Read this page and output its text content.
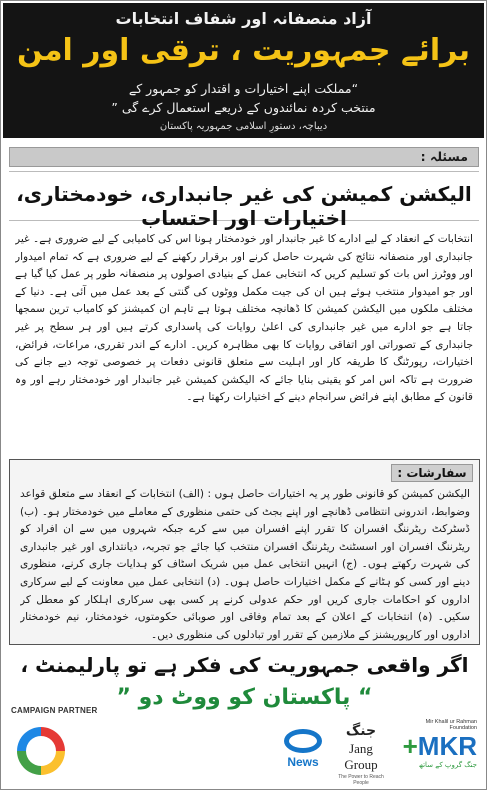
آزاد منصفانہ اور شفاف انتخابات
برائے جمہوریت ، ترقی اور امن
“مملکت اپنے اختیارات و اقتدار کو جمہور کے
منتخب کردہ نمائندوں کے ذریعے استعمال کرے گی ”
دیباچہ، دستورِ اسلامی جمہوریہ پاکستان
مسئلہ :
الیکشن کمیشن کی غیر جانبداری، خودمختاری، اختیارات اور احتساب
انتخابات کے انعقاد کے لیے ادارے کا غیر جانبدار اور خودمختار ہونا اس کی کامیابی کے لیے ضروری ہے۔ غیر جانبداری اور منصفانہ نتائج کی شہرت حاصل کرنے اور برقرار رکھنے کے لیے ضروری ہے کہ تمام امیدوار اور ووٹرز اس بات کو تسلیم کریں کہ انتخابی عمل کے بنیادی اصولوں پر منصفانہ طور پر عمل کیا گیا ہے اور جو امیدوار منتخب ہوئے ہیں ان کی جیت مکمل ووٹوں کی گنتی کے بعد عمل میں آئی ہے۔ دنیا کے مختلف ملکوں میں الیکشن کمیشن کا ڈھانچہ مختلف ہوتا ہے تاہم ان کمیشنز کو کامیاب ترین سمجھا جاتا ہے جو ادارے میں غیر جانبداری کی اعلیٰ روایات کی پاسداری کرتے ہیں اور ہر سطح پر غیر جانبداری کے تصوراتی اور اتفاقی روایات کا بھی مظاہرہ کریں۔ ادارے کے اندر تقرری، مراعات، فرائض، اختیارات، رپورٹنگ کا طریقہ کار اور اہلیت سے متعلق قانونی دفعات پر خصوصی توجہ دیے جانے کی ضرورت ہے تاکہ اس امر کو یقینی بنایا جائے کہ الیکشن کمیشن غیر جانبدار اور خودمختار رہے اور وہ قانون کے مطابق اپنے فرائض سرانجام دینے کے اختیارات رکھتا ہے۔
سفارشات :
الیکشن کمیشن کو قانونی طور پر یہ اختیارات حاصل ہوں : (الف) انتخابات کے انعقاد سے متعلق قواعد وضوابط، اندرونی انتظامی ڈھانچے اور اپنے بجٹ کی حتمی منظوری کے معاملے میں خودمختار ہو۔ (ب) ڈسٹرکٹ ریٹرننگ افسران کا تقرر اپنے افسران میں سے کرے جبکہ شہروں میں سے ان افراد کو ریٹرننگ افسران اور اسسٹنٹ ریٹرننگ افسران منتخب کیا جائے جو تجربہ، دیانتداری اور غیر جانبداری کی شہرت رکھتے ہوں۔ (ج) انہیں انتخابی عمل میں شریک اسٹاف کو ہدایات جاری کرنے، منظوری دینے اور کسی کو ہٹانے کے مکمل اختیارات حاصل ہوں۔ (د) انتخابی عمل میں معاونت کے لیے سرکاری اداروں کو احکامات جاری کریں اور حکم عدولی کرنے پر کسی بھی سرکاری اہلکار کو معطل کر سکیں۔ (ہ) انتخابات کے اعلان کے بعد تمام وفاقی اور صوبائی حکومتوں، خودمختار، نیم خودمختار اداروں اور کارپوریشنز کے ملازمین کے تقرر اور تبادلوں کی منظوری دیں۔
اگر واقعی جمہوریت کی فکر ہے تو پارلیمنٹ ،
“ پاکستان کو ووٹ دو ”
CAMPAIGN PARTNER
News
جنگ
Jang Group
The Power to Reach People
Mir Khalil ur Rahman Foundation
+MKR
جنگ گروپ کے ساتھ
